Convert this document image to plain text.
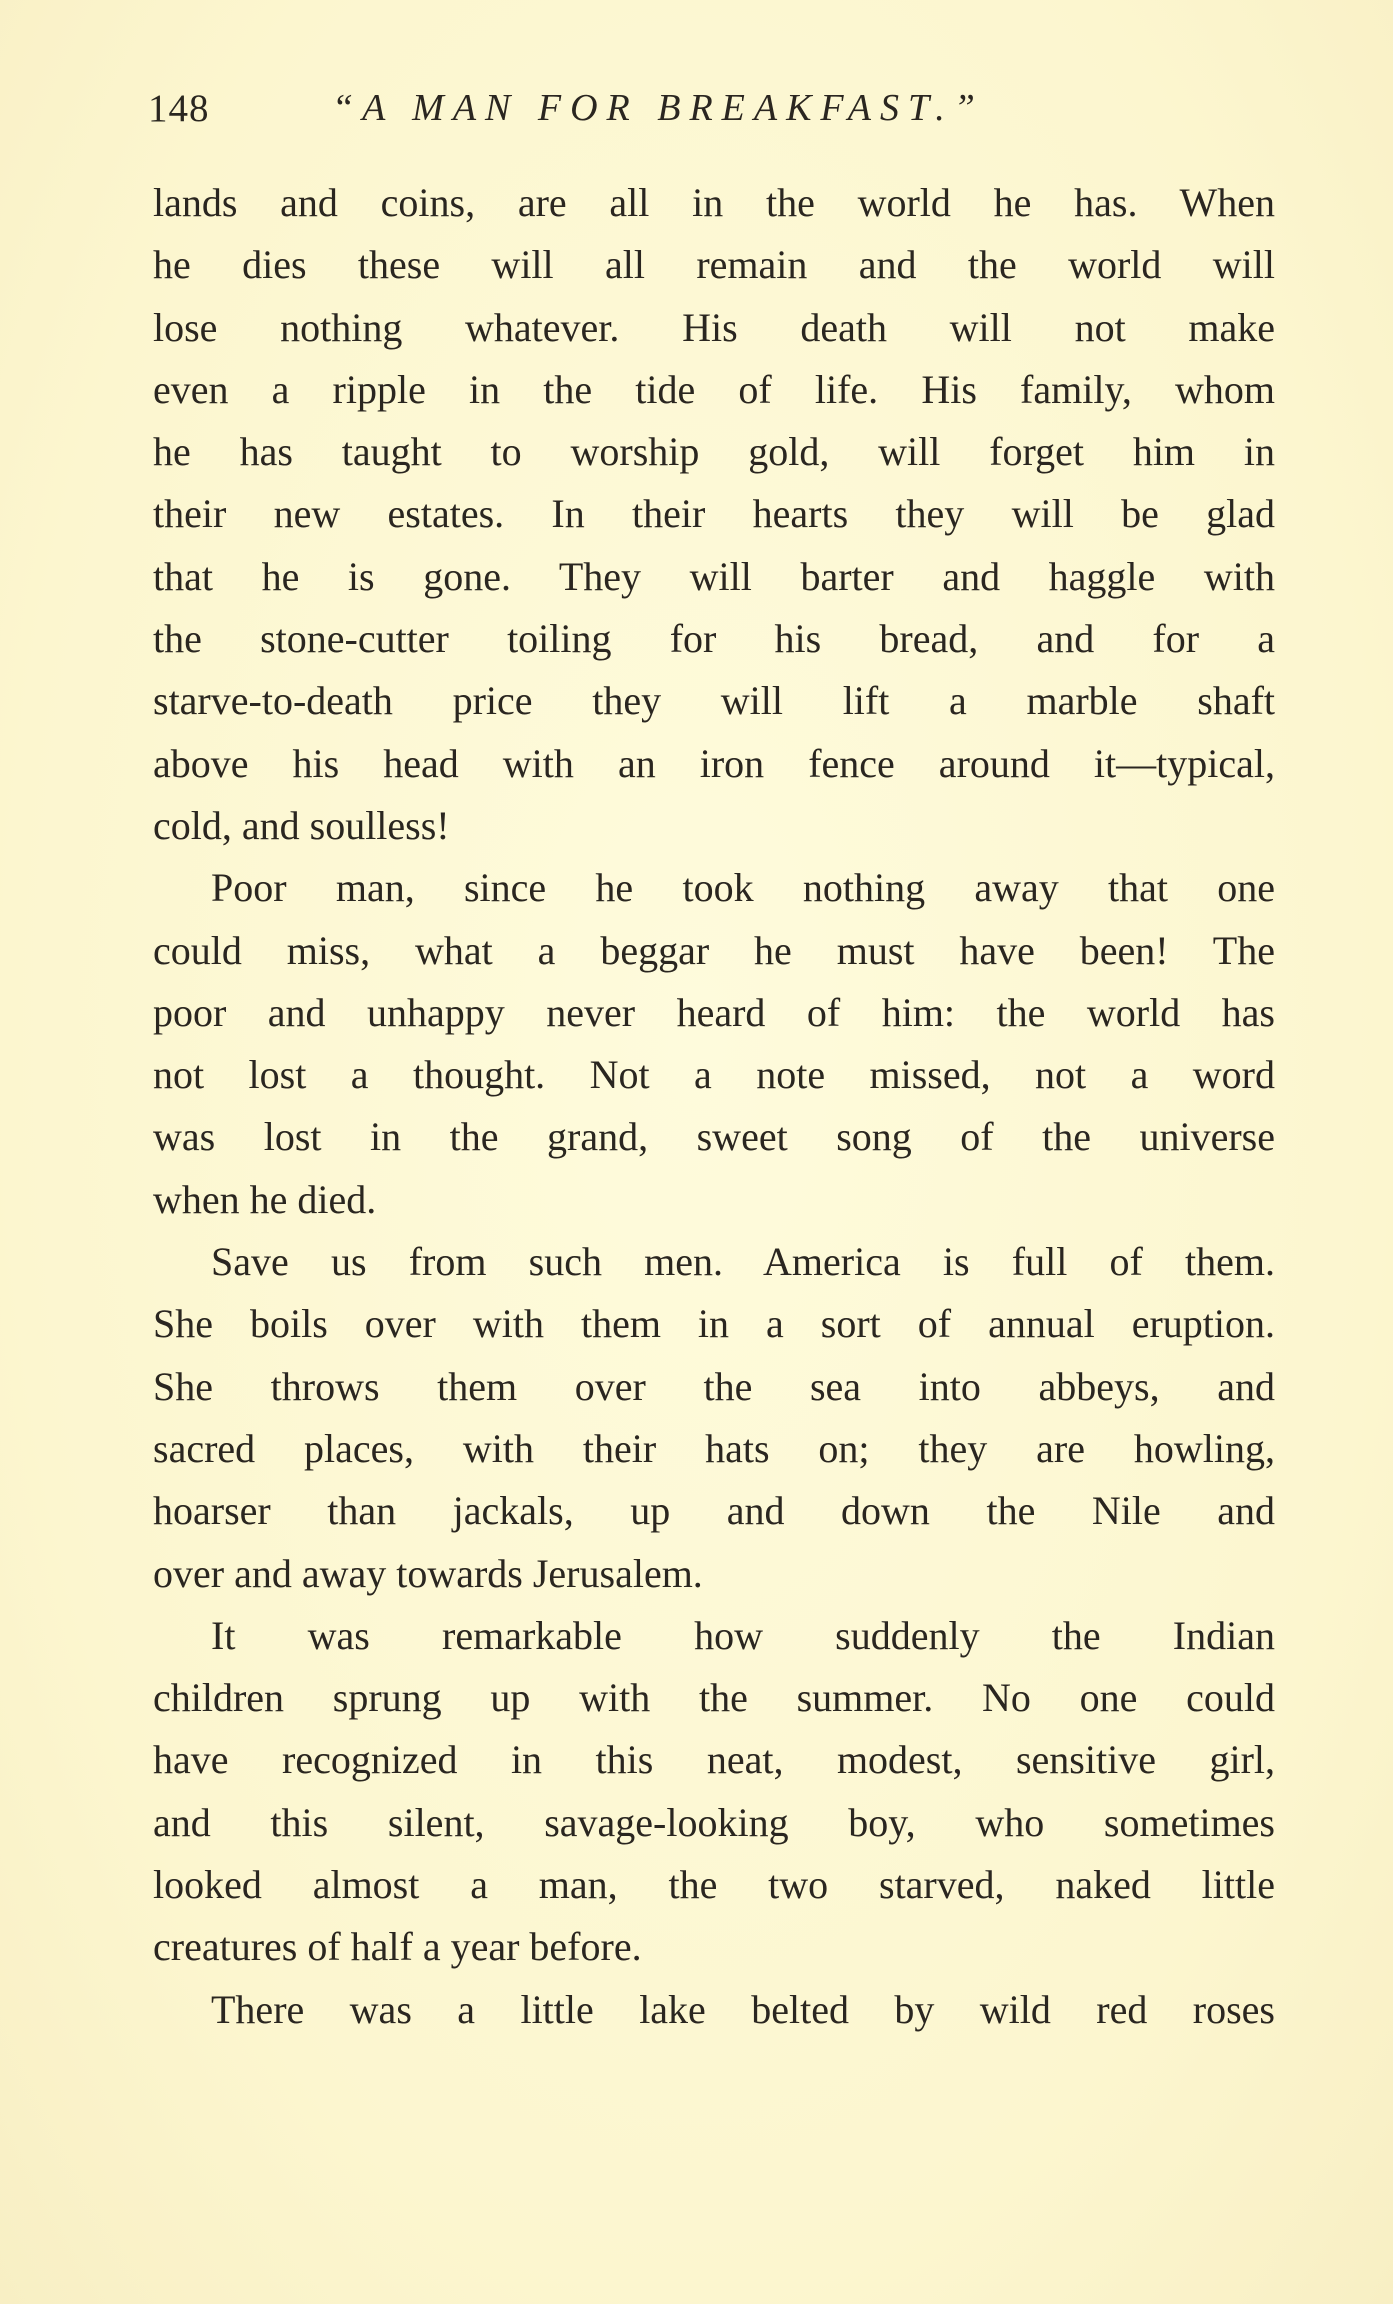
148	“A MAN FOR BREAKFAST.”
lands and coins, are all in the world he has. When
he dies these will all remain and the world will
lose nothing whatever. His death will not make
even a ripple in the tide of life. His family, whom
he has taught to worship gold, will forget him in
their new estates. In their hearts they will be glad
that he is gone. They will barter and haggle with
the stone-cutter toiling for his bread, and for a
starve-to-death price they will lift a marble shaft
above his head with an iron fence around it—typical,
cold, and soulless!
Poor man, since he took nothing away that one
could miss, what a beggar he must have been! The
poor and unhappy never heard of him: the world has
not lost a thought. Not a note missed, not a word
was lost in the grand, sweet song of the universe
when he died.
Save us from such men. America is full of them.
She boils over with them in a sort of annual eruption.
She throws them over the sea into abbeys, and
sacred places, with their hats on; they are howling,
hoarser than jackals, up and down the Nile and
over and away towards Jerusalem.
It was remarkable how suddenly the Indian
children sprung up with the summer. No one could
have recognized in this neat, modest, sensitive girl,
and this silent, savage-looking boy, who sometimes
looked almost a man, the two starved, naked little
creatures of half a year before.
There was a little lake belted by wild red roses
